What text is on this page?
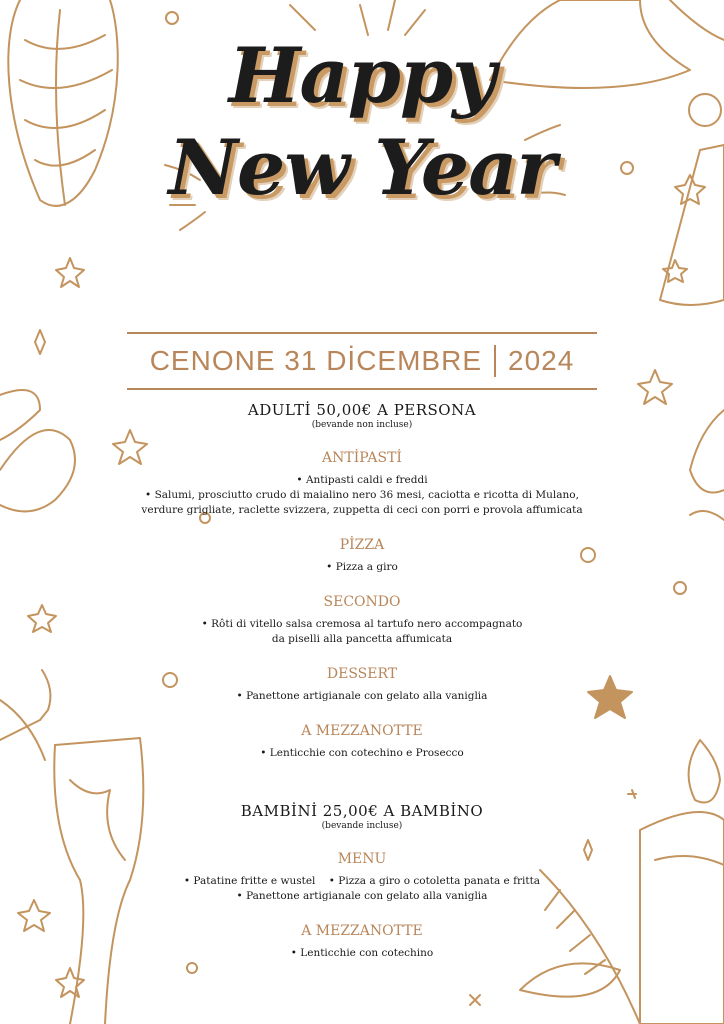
Happy
New Year
CENONE 31 DİCEMBRE 2024

ADULTİ 50,00€ A PERSONA

(bevande non incluse)

ANTİPASTİ

• Antipasti caldi e freddi

• Salumi, prosciutto crudo di maialino nero 36 mesi, caciotta e ricotta di Mulano,

verdure grigliate, raclette svizzera, zuppetta di ceci con porri e provola affumicata

PİZZA

• Pizza a giro

SECONDO

• Rôti di vitello salsa cremosa al tartufo nero accompagnato

da piselli alla pancetta affumicata

DESSERT

• Panettone artigianale con gelato alla vaniglia

A MEZZANOTTE

• Lenticchie con cotechino e Prosecco

BAMBİNİ 25,00€ A BAMBİNO

(bevande incluse)

MENU

• Patatine fritte e wustel    • Pizza a giro o cotoletta panata e fritta

• Panettone artigianale con gelato alla vaniglia

A MEZZANOTTE

• Lenticchie con cotechino
